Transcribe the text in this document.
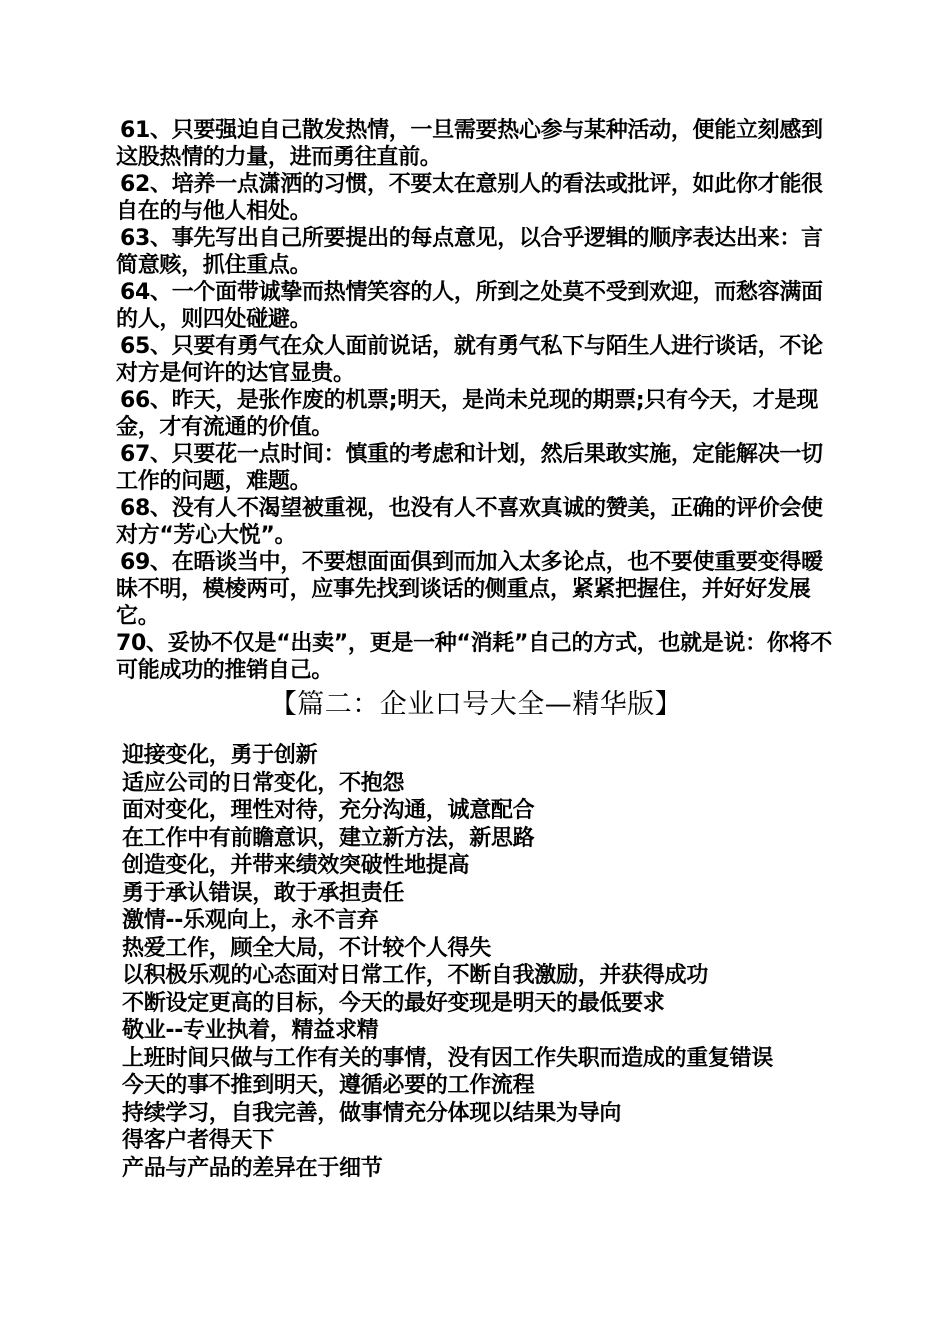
61、只要强迫自己散发热情，一旦需要热心参与某种活动，便能立刻感到这股热情的力量，进而勇往直前。

62、培养一点潇洒的习惯，不要太在意别人的看法或批评，如此你才能很自在的与他人相处。

63、事先写出自己所要提出的每点意见，以合乎逻辑的顺序表达出来：言简意赅，抓住重点。

64、一个面带诚挚而热情笑容的人，所到之处莫不受到欢迎，而愁容满面的人，则四处碰避。

65、只要有勇气在众人面前说话，就有勇气私下与陌生人进行谈话，不论对方是何许的达官显贵。

66、昨天，是张作废的机票;明天，是尚未兑现的期票;只有今天，才是现金，才有流通的价值。

67、只要花一点时间：慎重的考虑和计划，然后果敢实施，定能解决一切工作的问题，难题。

68、没有人不渴望被重视，也没有人不喜欢真诚的赞美，正确的评价会使对方“芳心大悦”。

69、在晤谈当中，不要想面面俱到而加入太多论点，也不要使重要变得暧昧不明，模棱两可，应事先找到谈话的侧重点，紧紧把握住，并好好发展它。

70、妥协不仅是“出卖”，更是一种“消耗”自己的方式，也就是说：你将不可能成功的推销自己。

【篇二：企业口号大全—精华版】

迎接变化，勇于创新

适应公司的日常变化，不抱怨

面对变化，理性对待，充分沟通，诚意配合

在工作中有前瞻意识，建立新方法，新思路

创造变化，并带来绩效突破性地提高

勇于承认错误，敢于承担责任

激情--乐观向上，永不言弃

热爱工作，顾全大局，不计较个人得失

以积极乐观的心态面对日常工作，不断自我激励，并获得成功

不断设定更高的目标，今天的最好变现是明天的最低要求

敬业--专业执着，精益求精

上班时间只做与工作有关的事情，没有因工作失职而造成的重复错误

今天的事不推到明天，遵循必要的工作流程

持续学习，自我完善，做事情充分体现以结果为导向

得客户者得天下

产品与产品的差异在于细节
